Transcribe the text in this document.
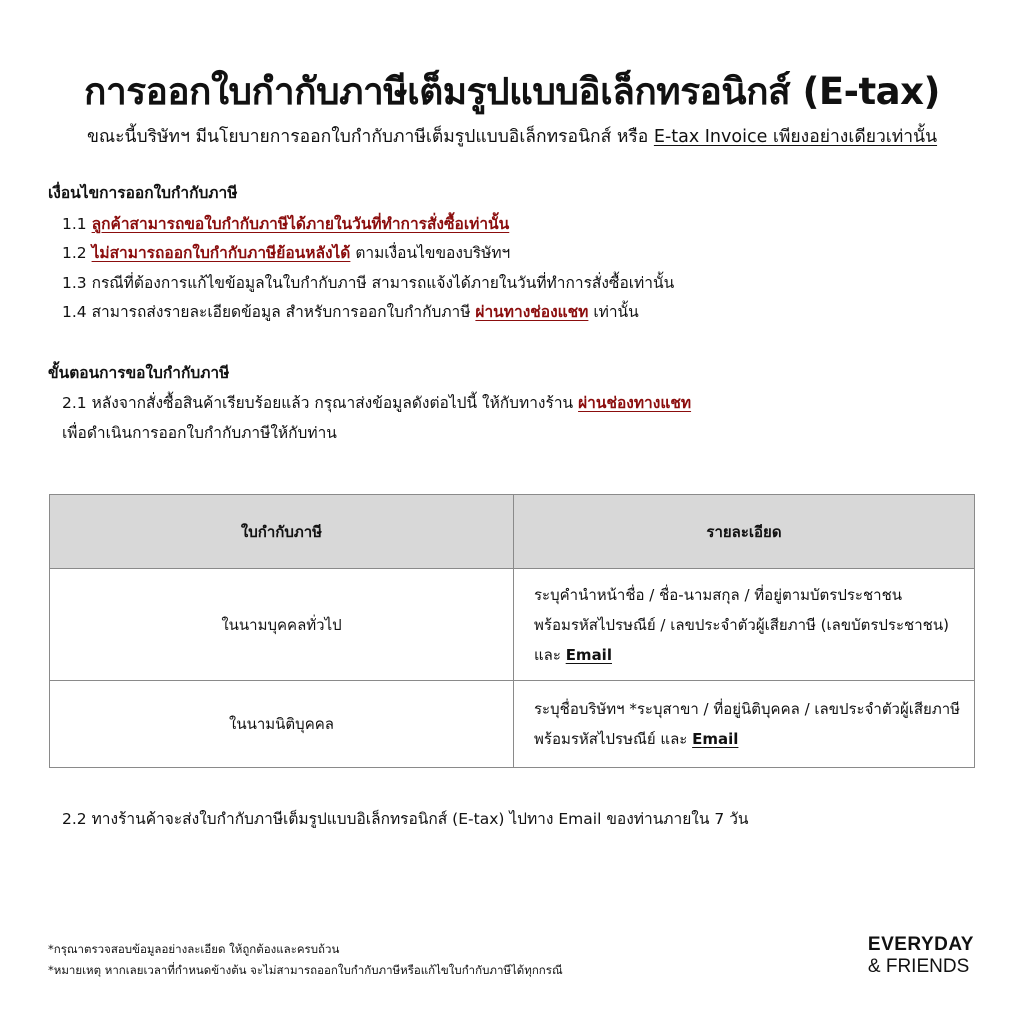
การออกใบกำกับภาษีเต็มรูปแบบอิเล็กทรอนิกส์ (E-tax)

ขณะนี้บริษัทฯ มีนโยบายการออกใบกำกับภาษีเต็มรูปแบบอิเล็กทรอนิกส์ หรือ E-tax Invoice เพียงอย่างเดียวเท่านั้น

เงื่อนไขการออกใบกำกับภาษี

1.1 ลูกค้าสามารถขอใบกำกับภาษีได้ภายในวันที่ทำการสั่งซื้อเท่านั้น

1.2 ไม่สามารถออกใบกำกับภาษีย้อนหลังได้ ตามเงื่อนไขของบริษัทฯ

1.3 กรณีที่ต้องการแก้ไขข้อมูลในใบกำกับภาษี สามารถแจ้งได้ภายในวันที่ทำการสั่งซื้อเท่านั้น

1.4 สามารถส่งรายละเอียดข้อมูล สำหรับการออกใบกำกับภาษี ผ่านทางช่องแชท เท่านั้น

ขั้นตอนการขอใบกำกับภาษี

2.1 หลังจากสั่งซื้อสินค้าเรียบร้อยแล้ว กรุณาส่งข้อมูลดังต่อไปนี้ ให้กับทางร้าน ผ่านช่องทางแชท

เพื่อดำเนินการออกใบกำกับภาษีให้กับท่าน

ใบกำกับภาษี	รายละเอียด
ในนามบุคคลทั่วไป	ระบุคำนำหน้าชื่อ / ชื่อ-นามสกุล / ที่อยู่ตามบัตรประชาชน
พร้อมรหัสไปรษณีย์ / เลขประจำตัวผู้เสียภาษี (เลขบัตรประชาชน)
และ Email

ในนามนิติบุคคล	ระบุชื่อบริษัทฯ *ระบุสาขา / ที่อยู่นิติบุคคล / เลขประจำตัวผู้เสียภาษี
พร้อมรหัสไปรษณีย์ และ Email

2.2 ทางร้านค้าจะส่งใบกำกับภาษีเต็มรูปแบบอิเล็กทรอนิกส์ (E-tax) ไปทาง Email ของท่านภายใน 7 วัน

*กรุณาตรวจสอบข้อมูลอย่างละเอียด ให้ถูกต้องและครบถ้วน

*หมายเหตุ หากเลยเวลาที่กำหนดข้างต้น จะไม่สามารถออกใบกำกับภาษีหรือแก้ไขใบกำกับภาษีได้ทุกกรณี

EVERYDAY
& FRIENDS
